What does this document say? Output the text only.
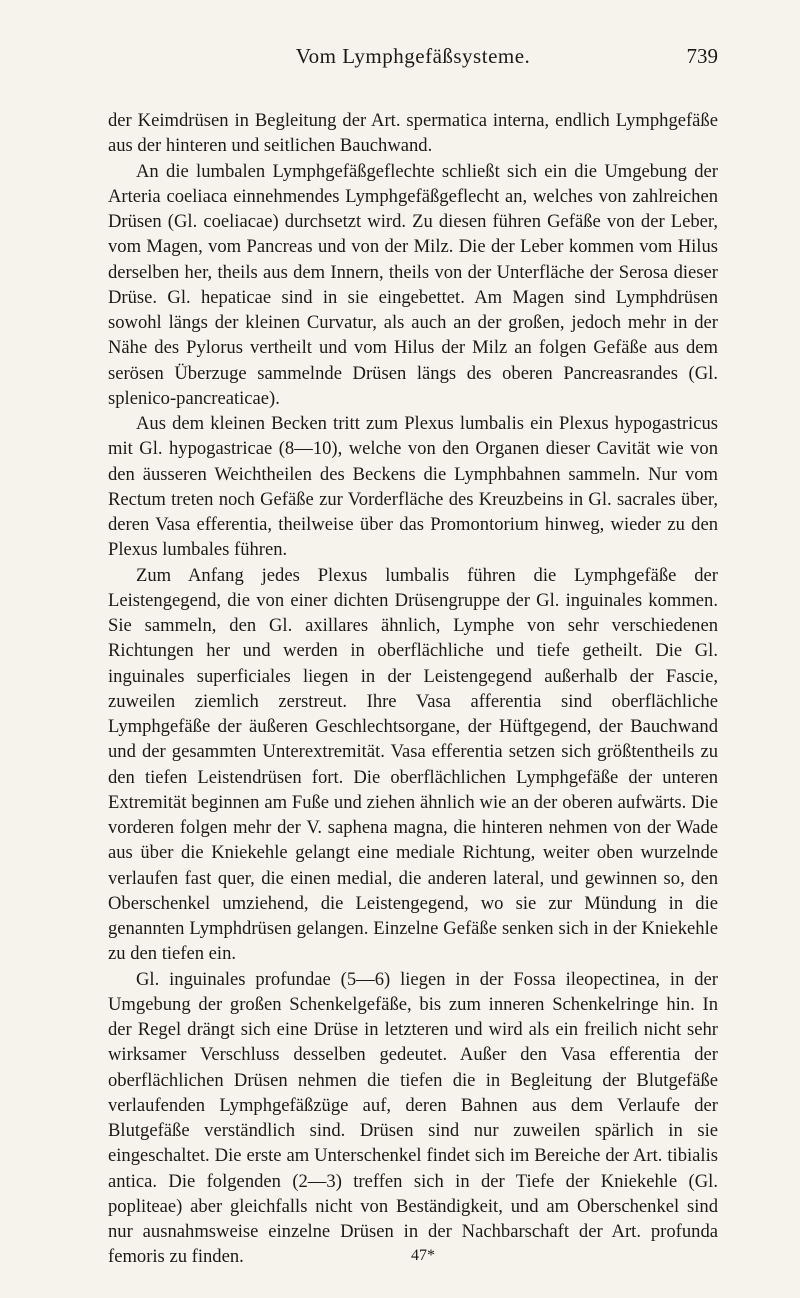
Vom Lymphgefäßsysteme.	739

der Keimdrüsen in Begleitung der Art. spermatica interna, endlich Lymphgefäße aus der hinteren und seitlichen Bauchwand.

An die lumbalen Lymphgefäßgeflechte schließt sich ein die Umgebung der Arteria coeliaca einnehmendes Lymphgefäßgeflecht an, welches von zahlreichen Drüsen (Gl. coeliacae) durchsetzt wird. Zu diesen führen Gefäße von der Leber, vom Magen, vom Pancreas und von der Milz. Die der Leber kommen vom Hilus derselben her, theils aus dem Innern, theils von der Unterfläche der Serosa dieser Drüse. Gl. hepaticae sind in sie eingebettet. Am Magen sind Lymphdrüsen sowohl längs der kleinen Curvatur, als auch an der großen, jedoch mehr in der Nähe des Pylorus vertheilt und vom Hilus der Milz an folgen Gefäße aus dem serösen Überzuge sammelnde Drüsen längs des oberen Pancreasrandes (Gl. splenico-pancreaticae).

Aus dem kleinen Becken tritt zum Plexus lumbalis ein Plexus hypogastricus mit Gl. hypogastricae (8—10), welche von den Organen dieser Cavität wie von den äusseren Weichtheilen des Beckens die Lymphbahnen sammeln. Nur vom Rectum treten noch Gefäße zur Vorderfläche des Kreuzbeins in Gl. sacrales über, deren Vasa efferentia, theilweise über das Promontorium hinweg, wieder zu den Plexus lumbales führen.

Zum Anfang jedes Plexus lumbalis führen die Lymphgefäße der Leistengegend, die von einer dichten Drüsengruppe der Gl. inguinales kommen. Sie sammeln, den Gl. axillares ähnlich, Lymphe von sehr verschiedenen Richtungen her und werden in oberflächliche und tiefe getheilt. Die Gl. inguinales superficiales liegen in der Leistengegend außerhalb der Fascie, zuweilen ziemlich zerstreut. Ihre Vasa afferentia sind oberflächliche Lymphgefäße der äußeren Geschlechtsorgane, der Hüftgegend, der Bauchwand und der gesammten Unterextremität. Vasa efferentia setzen sich größtentheils zu den tiefen Leistendrüsen fort. Die oberflächlichen Lymphgefäße der unteren Extremität beginnen am Fuße und ziehen ähnlich wie an der oberen aufwärts. Die vorderen folgen mehr der V. saphena magna, die hinteren nehmen von der Wade aus über die Kniekehle gelangt eine mediale Richtung, weiter oben wurzelnde verlaufen fast quer, die einen medial, die anderen lateral, und gewinnen so, den Oberschenkel umziehend, die Leistengegend, wo sie zur Mündung in die genannten Lymphdrüsen gelangen. Einzelne Gefäße senken sich in der Kniekehle zu den tiefen ein.

Gl. inguinales profundae (5—6) liegen in der Fossa ileopectinea, in der Umgebung der großen Schenkelgefäße, bis zum inneren Schenkelringe hin. In der Regel drängt sich eine Drüse in letzteren und wird als ein freilich nicht sehr wirksamer Verschluss desselben gedeutet. Außer den Vasa efferentia der oberflächlichen Drüsen nehmen die tiefen die in Begleitung der Blutgefäße verlaufenden Lymphgefäßzüge auf, deren Bahnen aus dem Verlaufe der Blutgefäße verständlich sind. Drüsen sind nur zuweilen spärlich in sie eingeschaltet. Die erste am Unterschenkel findet sich im Bereiche der Art. tibialis antica. Die folgenden (2—3) treffen sich in der Tiefe der Kniekehle (Gl. popliteae) aber gleichfalls nicht von Beständigkeit, und am Oberschenkel sind nur ausnahmsweise einzelne Drüsen in der Nachbarschaft der Art. profunda femoris zu finden.	47*
